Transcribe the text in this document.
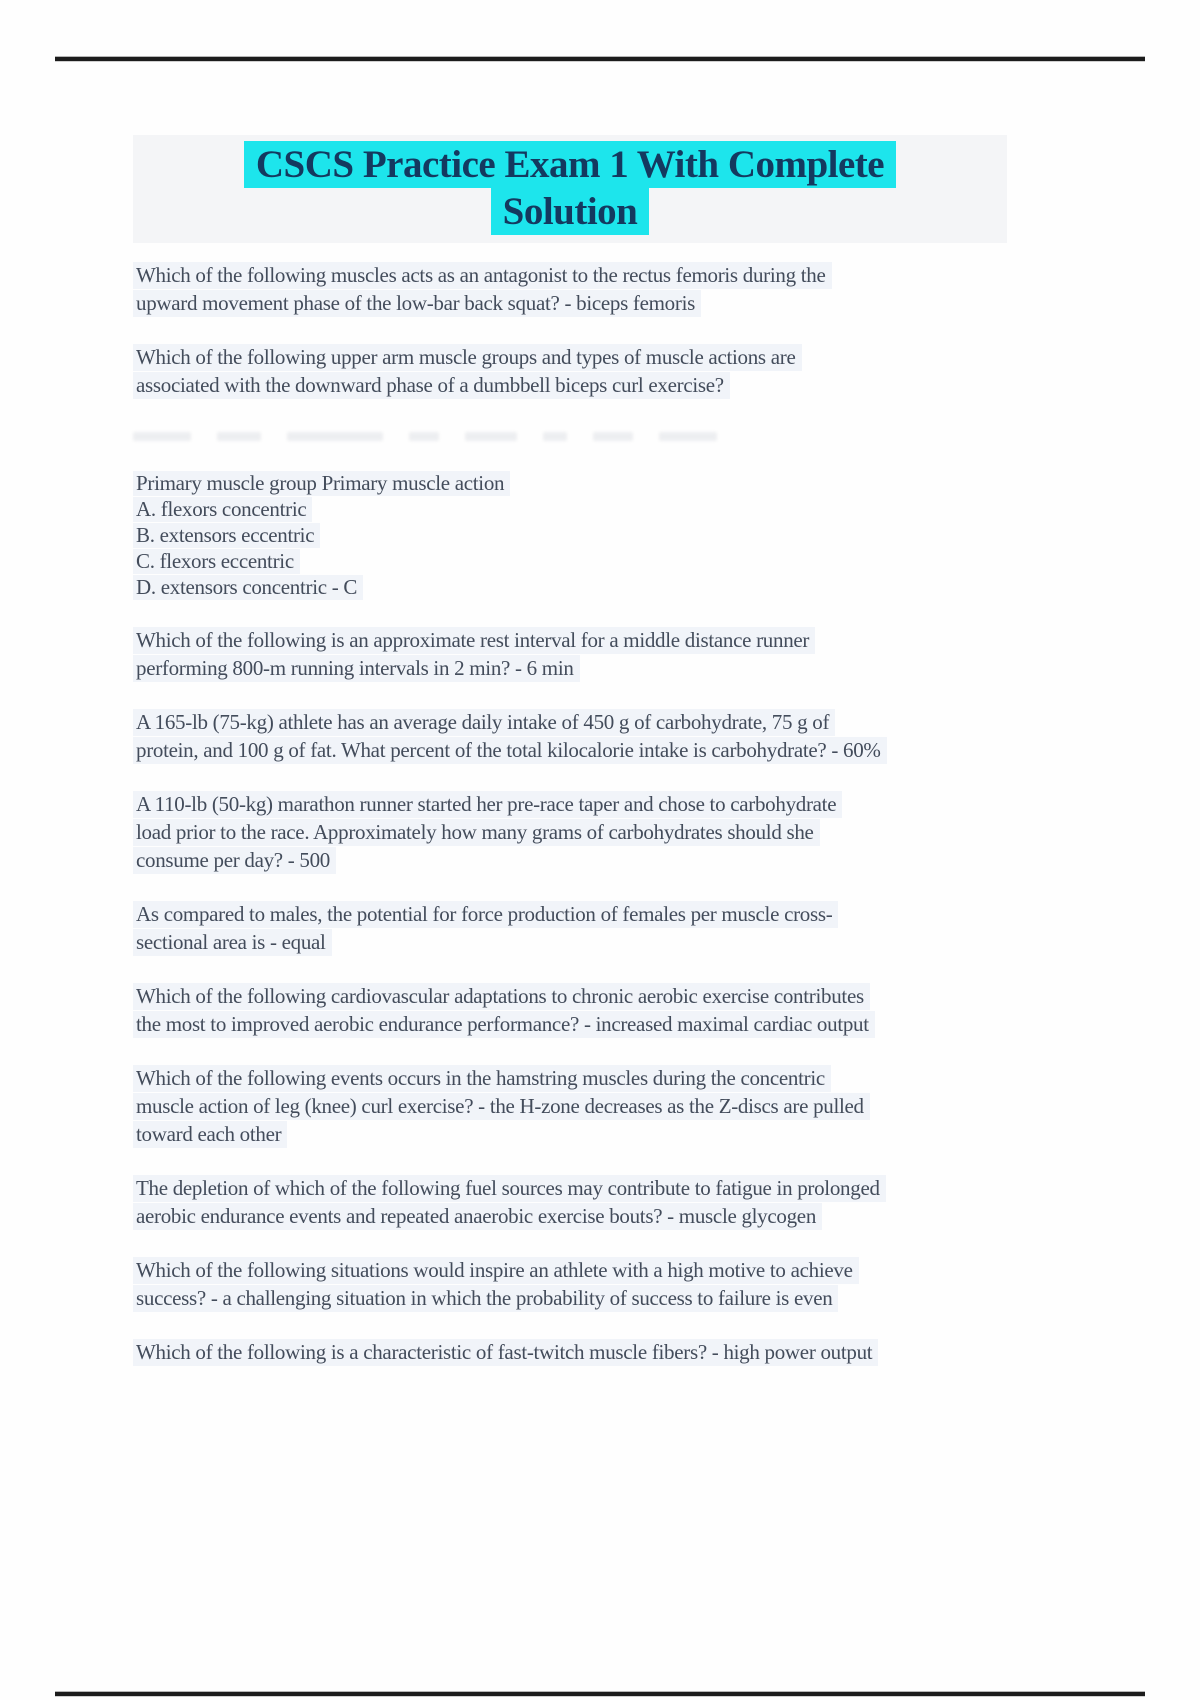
CSCS Practice Exam 1 With Complete
Solution
Which of the following muscles acts as an antagonist to the rectus femoris during the
upward movement phase of the low-bar back squat? - biceps femoris
Which of the following upper arm muscle groups and types of muscle actions are
associated with the downward phase of a dumbbell biceps curl exercise?
Primary muscle group Primary muscle action
A. flexors concentric
B. extensors eccentric
C. flexors eccentric
D. extensors concentric - C
Which of the following is an approximate rest interval for a middle distance runner
performing 800-m running intervals in 2 min? - 6 min
A 165-lb (75-kg) athlete has an average daily intake of 450 g of carbohydrate, 75 g of
protein, and 100 g of fat. What percent of the total kilocalorie intake is carbohydrate? - 60%
A 110-lb (50-kg) marathon runner started her pre-race taper and chose to carbohydrate
load prior to the race. Approximately how many grams of carbohydrates should she
consume per day? - 500
As compared to males, the potential for force production of females per muscle cross-
sectional area is - equal
Which of the following cardiovascular adaptations to chronic aerobic exercise contributes
the most to improved aerobic endurance performance? - increased maximal cardiac output
Which of the following events occurs in the hamstring muscles during the concentric
muscle action of leg (knee) curl exercise? - the H-zone decreases as the Z-discs are pulled
toward each other
The depletion of which of the following fuel sources may contribute to fatigue in prolonged
aerobic endurance events and repeated anaerobic exercise bouts? - muscle glycogen
Which of the following situations would inspire an athlete with a high motive to achieve
success? - a challenging situation in which the probability of success to failure is even
Which of the following is a characteristic of fast-twitch muscle fibers? - high power output
